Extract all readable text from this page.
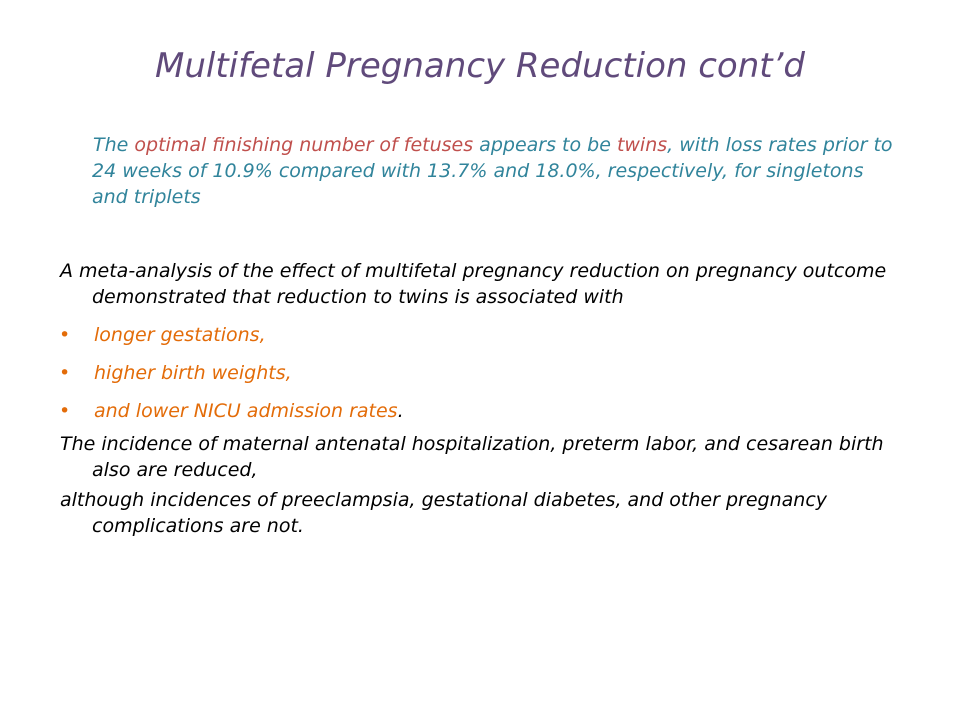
Multifetal Pregnancy Reduction cont’d

The optimal finishing number of fetuses appears to be twins, with loss rates prior to 24 weeks of 10.9% compared with 13.7% and 18.0%, respectively, for singletons and triplets

A meta-analysis of the effect of multifetal pregnancy reduction on pregnancy outcome demonstrated that reduction to twins is associated with

• longer gestations,
• higher birth weights,
• and lower NICU admission rates.

The incidence of maternal antenatal hospitalization, preterm labor, and cesarean birth also are reduced,

although incidences of preeclampsia, gestational diabetes, and other pregnancy complications are not.
